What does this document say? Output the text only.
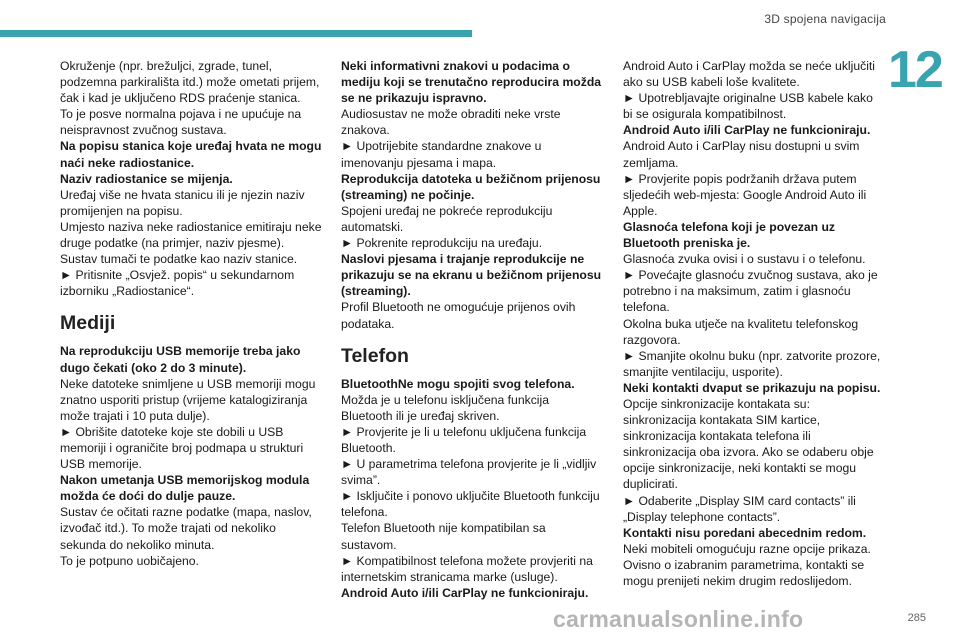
3D spojena navigacija
12

Okruženje (npr. brežuljci, zgrade, tunel, podzemna parkirališta itd.) može ometati prijem, čak i kad je uključeno RDS praćenje stanica.

To je posve normalna pojava i ne upućuje na neispravnost zvučnog sustava.

Na popisu stanica koje uređaj hvata ne mogu naći neke radiostanice.

Naziv radiostanice se mijenja.

Uređaj više ne hvata stanicu ili je njezin naziv promijenjen na popisu.

Umjesto naziva neke radiostanice emitiraju neke druge podatke (na primjer, naziv pjesme).

Sustav tumači te podatke kao naziv stanice.

► Pritisnite „Osvjež. popis“ u sekundarnom izborniku „Radiostanice“.

Mediji

Na reprodukciju USB memorije treba jako dugo čekati (oko 2 do 3 minute).

Neke datoteke snimljene u USB memoriji mogu znatno usporiti pristup (vrijeme katalogiziranja može trajati i 10 puta dulje).

► Obrišite datoteke koje ste dobili u USB memoriji i ograničite broj podmapa u strukturi USB memorije.

Nakon umetanja USB memorijskog modula možda će doći do dulje pauze.

Sustav će očitati razne podatke (mapa, naslov, izvođač itd.). To može trajati od nekoliko sekunda do nekoliko minuta.

To je potpuno uobičajeno.

Neki informativni znakovi u podacima o mediju koji se trenutačno reproducira možda se ne prikazuju ispravno.

Audiosustav ne može obraditi neke vrste znakova.

► Upotrijebite standardne znakove u imenovanju pjesama i mapa.

Reprodukcija datoteka u bežičnom prijenosu (streaming) ne počinje.

Spojeni uređaj ne pokreće reprodukciju automatski.

► Pokrenite reprodukciju na uređaju.

Naslovi pjesama i trajanje reprodukcije ne prikazuju se na ekranu u bežičnom prijenosu (streaming).

Profil Bluetooth ne omogućuje prijenos ovih podataka.

Telefon

BluetoothNe mogu spojiti svog telefona.

Možda je u telefonu isključena funkcija Bluetooth ili je uređaj skriven.

► Provjerite je li u telefonu uključena funkcija Bluetooth.

► U parametrima telefona provjerite je li „vidljiv svima”.

► Isključite i ponovo uključite Bluetooth funkciju telefona.

Telefon Bluetooth nije kompatibilan sa sustavom.

► Kompatibilnost telefona možete provjeriti na internetskim stranicama marke (usluge).

Android Auto i/ili CarPlay ne funkcioniraju.

Android Auto i CarPlay možda se neće uključiti ako su USB kabeli loše kvalitete.

► Upotrebljavajte originalne USB kabele kako bi se osigurala kompatibilnost.

Android Auto i/ili CarPlay ne funkcioniraju.

Android Auto i CarPlay nisu dostupni u svim zemljama.

► Provjerite popis podržanih država putem sljedećih web-mjesta: Google Android Auto ili Apple.

Glasnoća telefona koji je povezan uz Bluetooth preniska je.

Glasnoća zvuka ovisi i o sustavu i o telefonu.

► Povećajte glasnoću zvučnog sustava, ako je potrebno i na maksimum, zatim i glasnoću telefona.

Okolna buka utječe na kvalitetu telefonskog razgovora.

► Smanjite okolnu buku (npr. zatvorite prozore, smanjite ventilaciju, usporite).

Neki kontakti dvaput se prikazuju na popisu.

Opcije sinkronizacije kontakata su: sinkronizacija kontakata SIM kartice, sinkronizacija kontakata telefona ili sinkronizacija oba izvora. Ako se odaberu obje opcije sinkronizacije, neki kontakti se mogu duplicirati.

► Odaberite „Display SIM card contacts” ili „Display telephone contacts”.

Kontakti nisu poredani abecednim redom.

Neki mobiteli omogućuju razne opcije prikaza. Ovisno o izabranim parametrima, kontakti se mogu prenijeti nekim drugim redoslijedom.

carmanualsonline.info	285
